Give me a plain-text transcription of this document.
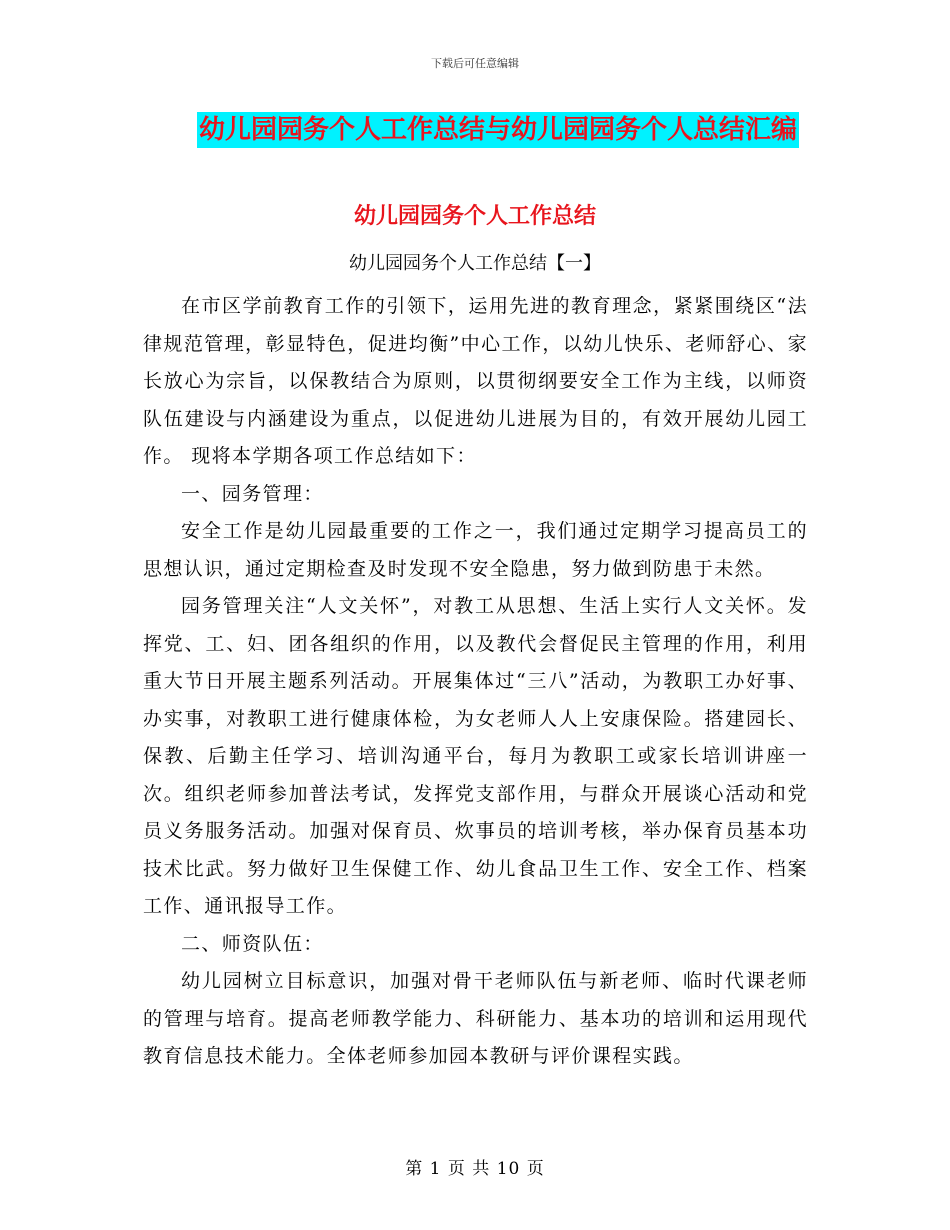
下载后可任意编辑
幼儿园园务个人工作总结与幼儿园园务个人总结汇编
幼儿园园务个人工作总结
幼儿园园务个人工作总结【一】

在市区学前教育工作的引领下，运用先进的教育理念，紧紧围绕区“法律规范管理，彰显特色，促进均衡”中心工作，以幼儿快乐、老师舒心、家长放心为宗旨，以保教结合为原则，以贯彻纲要安全工作为主线，以师资队伍建设与内涵建设为重点，以促进幼儿进展为目的，有效开展幼儿园工作。 现将本学期各项工作总结如下：

一、园务管理：

安全工作是幼儿园最重要的工作之一，我们通过定期学习提高员工的思想认识，通过定期检查及时发现不安全隐患，努力做到防患于未然。

园务管理关注“人文关怀”，对教工从思想、生活上实行人文关怀。发挥党、工、妇、团各组织的作用，以及教代会督促民主管理的作用，利用重大节日开展主题系列活动。开展集体过“三八”活动，为教职工办好事、办实事，对教职工进行健康体检，为女老师人人上安康保险。搭建园长、保教、后勤主任学习、培训沟通平台，每月为教职工或家长培训讲座一次。组织老师参加普法考试，发挥党支部作用，与群众开展谈心活动和党员义务服务活动。加强对保育员、炊事员的培训考核，举办保育员基本功技术比武。努力做好卫生保健工作、幼儿食品卫生工作、安全工作、档案工作、通讯报导工作。

二、师资队伍：

幼儿园树立目标意识，加强对骨干老师队伍与新老师、临时代课老师的管理与培育。提高老师教学能力、科研能力、基本功的培训和运用现代教育信息技术能力。全体老师参加园本教研与评价课程实践。

第 1 页 共 10 页
